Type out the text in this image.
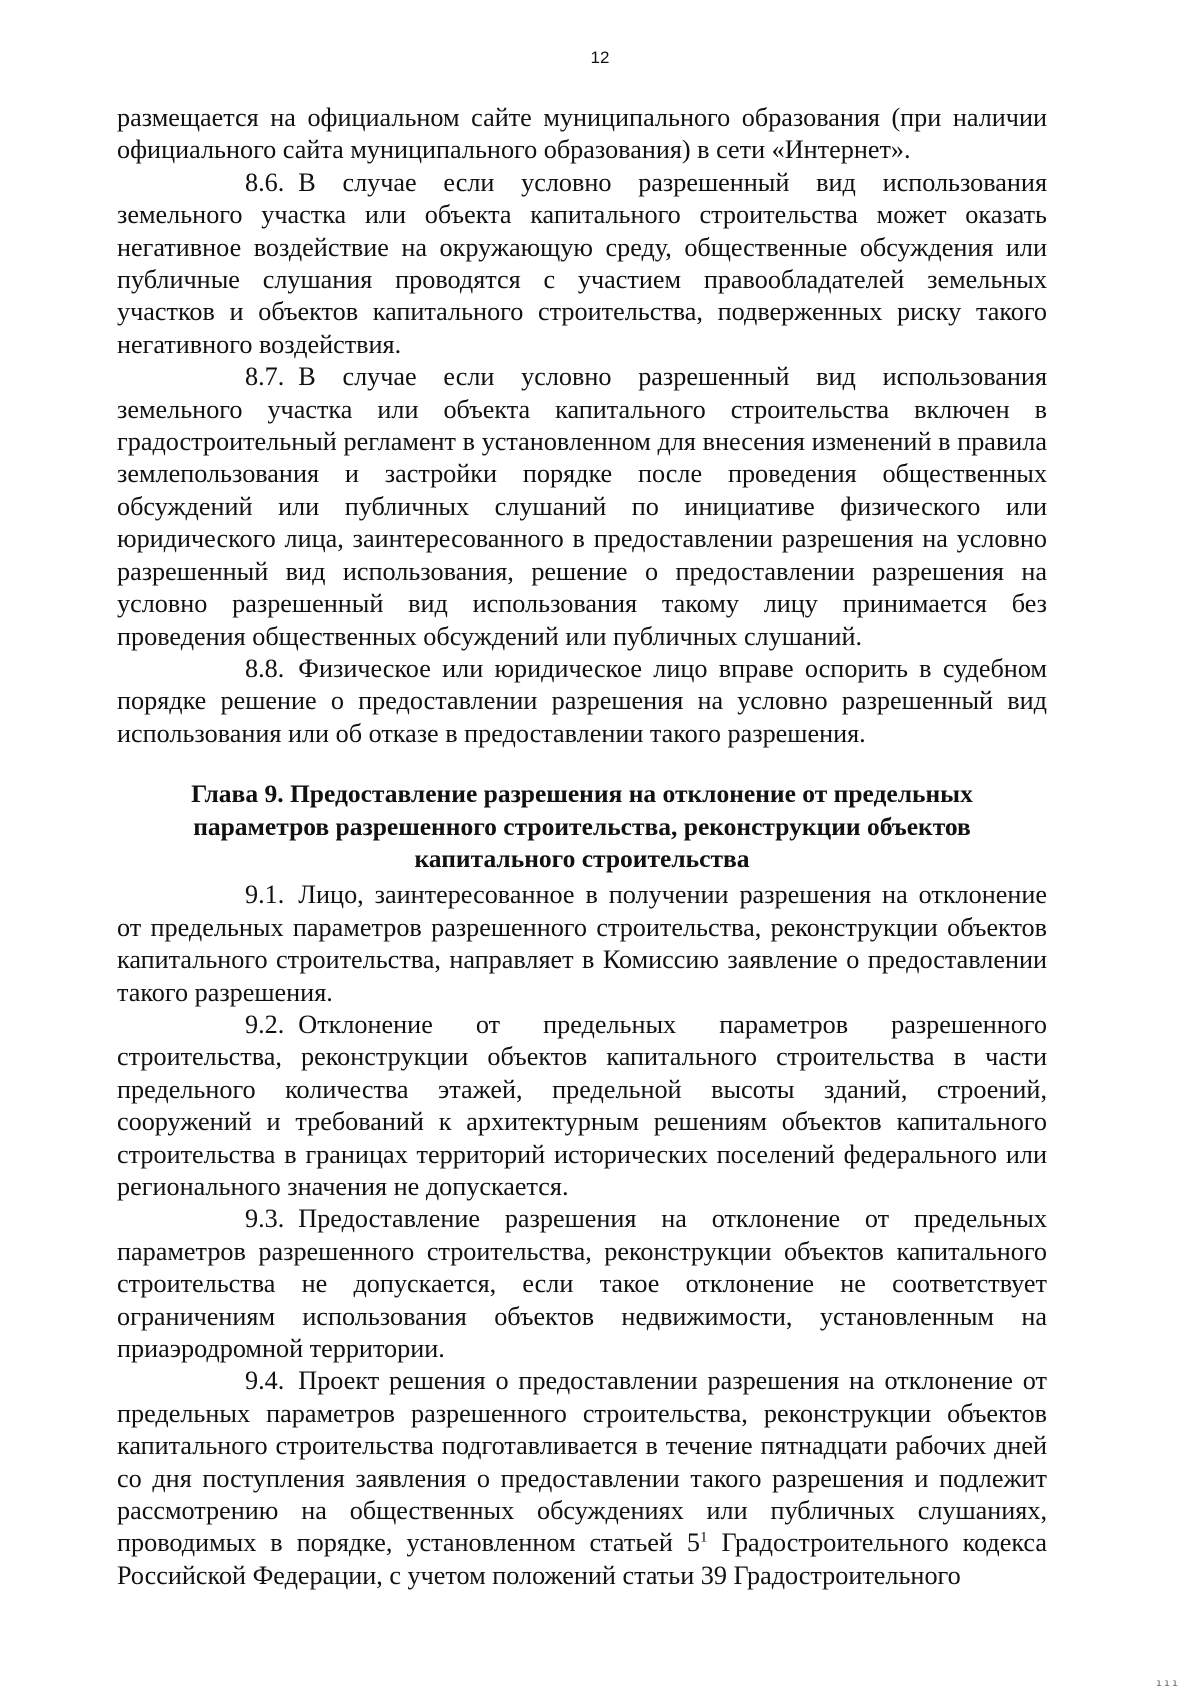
12

размещается на официальном сайте муниципального образования (при наличии официального сайта муниципального образования) в сети «Интернет».

8.6. В случае если условно разрешенный вид использования земельного участка или объекта капитального строительства может оказать негативное воздействие на окружающую среду, общественные обсуждения или публичные слушания проводятся с участием правообладателей земельных участков и объектов капитального строительства, подверженных риску такого негативного воздействия.

8.7. В случае если условно разрешенный вид использования земельного участка или объекта капитального строительства включен в градостроительный регламент в установленном для внесения изменений в правила землепользования и застройки порядке после проведения общественных обсуждений или публичных слушаний по инициативе физического или юридического лица, заинтересованного в предоставлении разрешения на условно разрешенный вид использования, решение о предоставлении разрешения на условно разрешенный вид использования такому лицу принимается без проведения общественных обсуждений или публичных слушаний.

8.8. Физическое или юридическое лицо вправе оспорить в судебном порядке решение о предоставлении разрешения на условно разрешенный вид использования или об отказе в предоставлении такого разрешения.

Глава 9. Предоставление разрешения на отклонение от предельных
параметров разрешенного строительства, реконструкции объектов
капитального строительства

9.1. Лицо, заинтересованное в получении разрешения на отклонение от предельных параметров разрешенного строительства, реконструкции объектов капитального строительства, направляет в Комиссию заявление о предоставлении такого разрешения.

9.2. Отклонение от предельных параметров разрешенного строительства, реконструкции объектов капитального строительства в части предельного количества этажей, предельной высоты зданий, строений, сооружений и требований к архитектурным решениям объектов капитального строительства в границах территорий исторических поселений федерального или регионального значения не допускается.

9.3. Предоставление разрешения на отклонение от предельных параметров разрешенного строительства, реконструкции объектов капитального строительства не допускается, если такое отклонение не соответствует ограничениям использования объектов недвижимости, установленным на приаэродромной территории.

9.4. Проект решения о предоставлении разрешения на отклонение от предельных параметров разрешенного строительства, реконструкции объектов капитального строительства подготавливается в течение пятнадцати рабочих дней со дня поступления заявления о предоставлении такого разрешения и подлежит рассмотрению на общественных обсуждениях или публичных слушаниях, проводимых в порядке, установленном статьей $5^1$ Градостроительного кодекса Российской Федерации, с учетом положений статьи 39 Градостроительного

ııı
